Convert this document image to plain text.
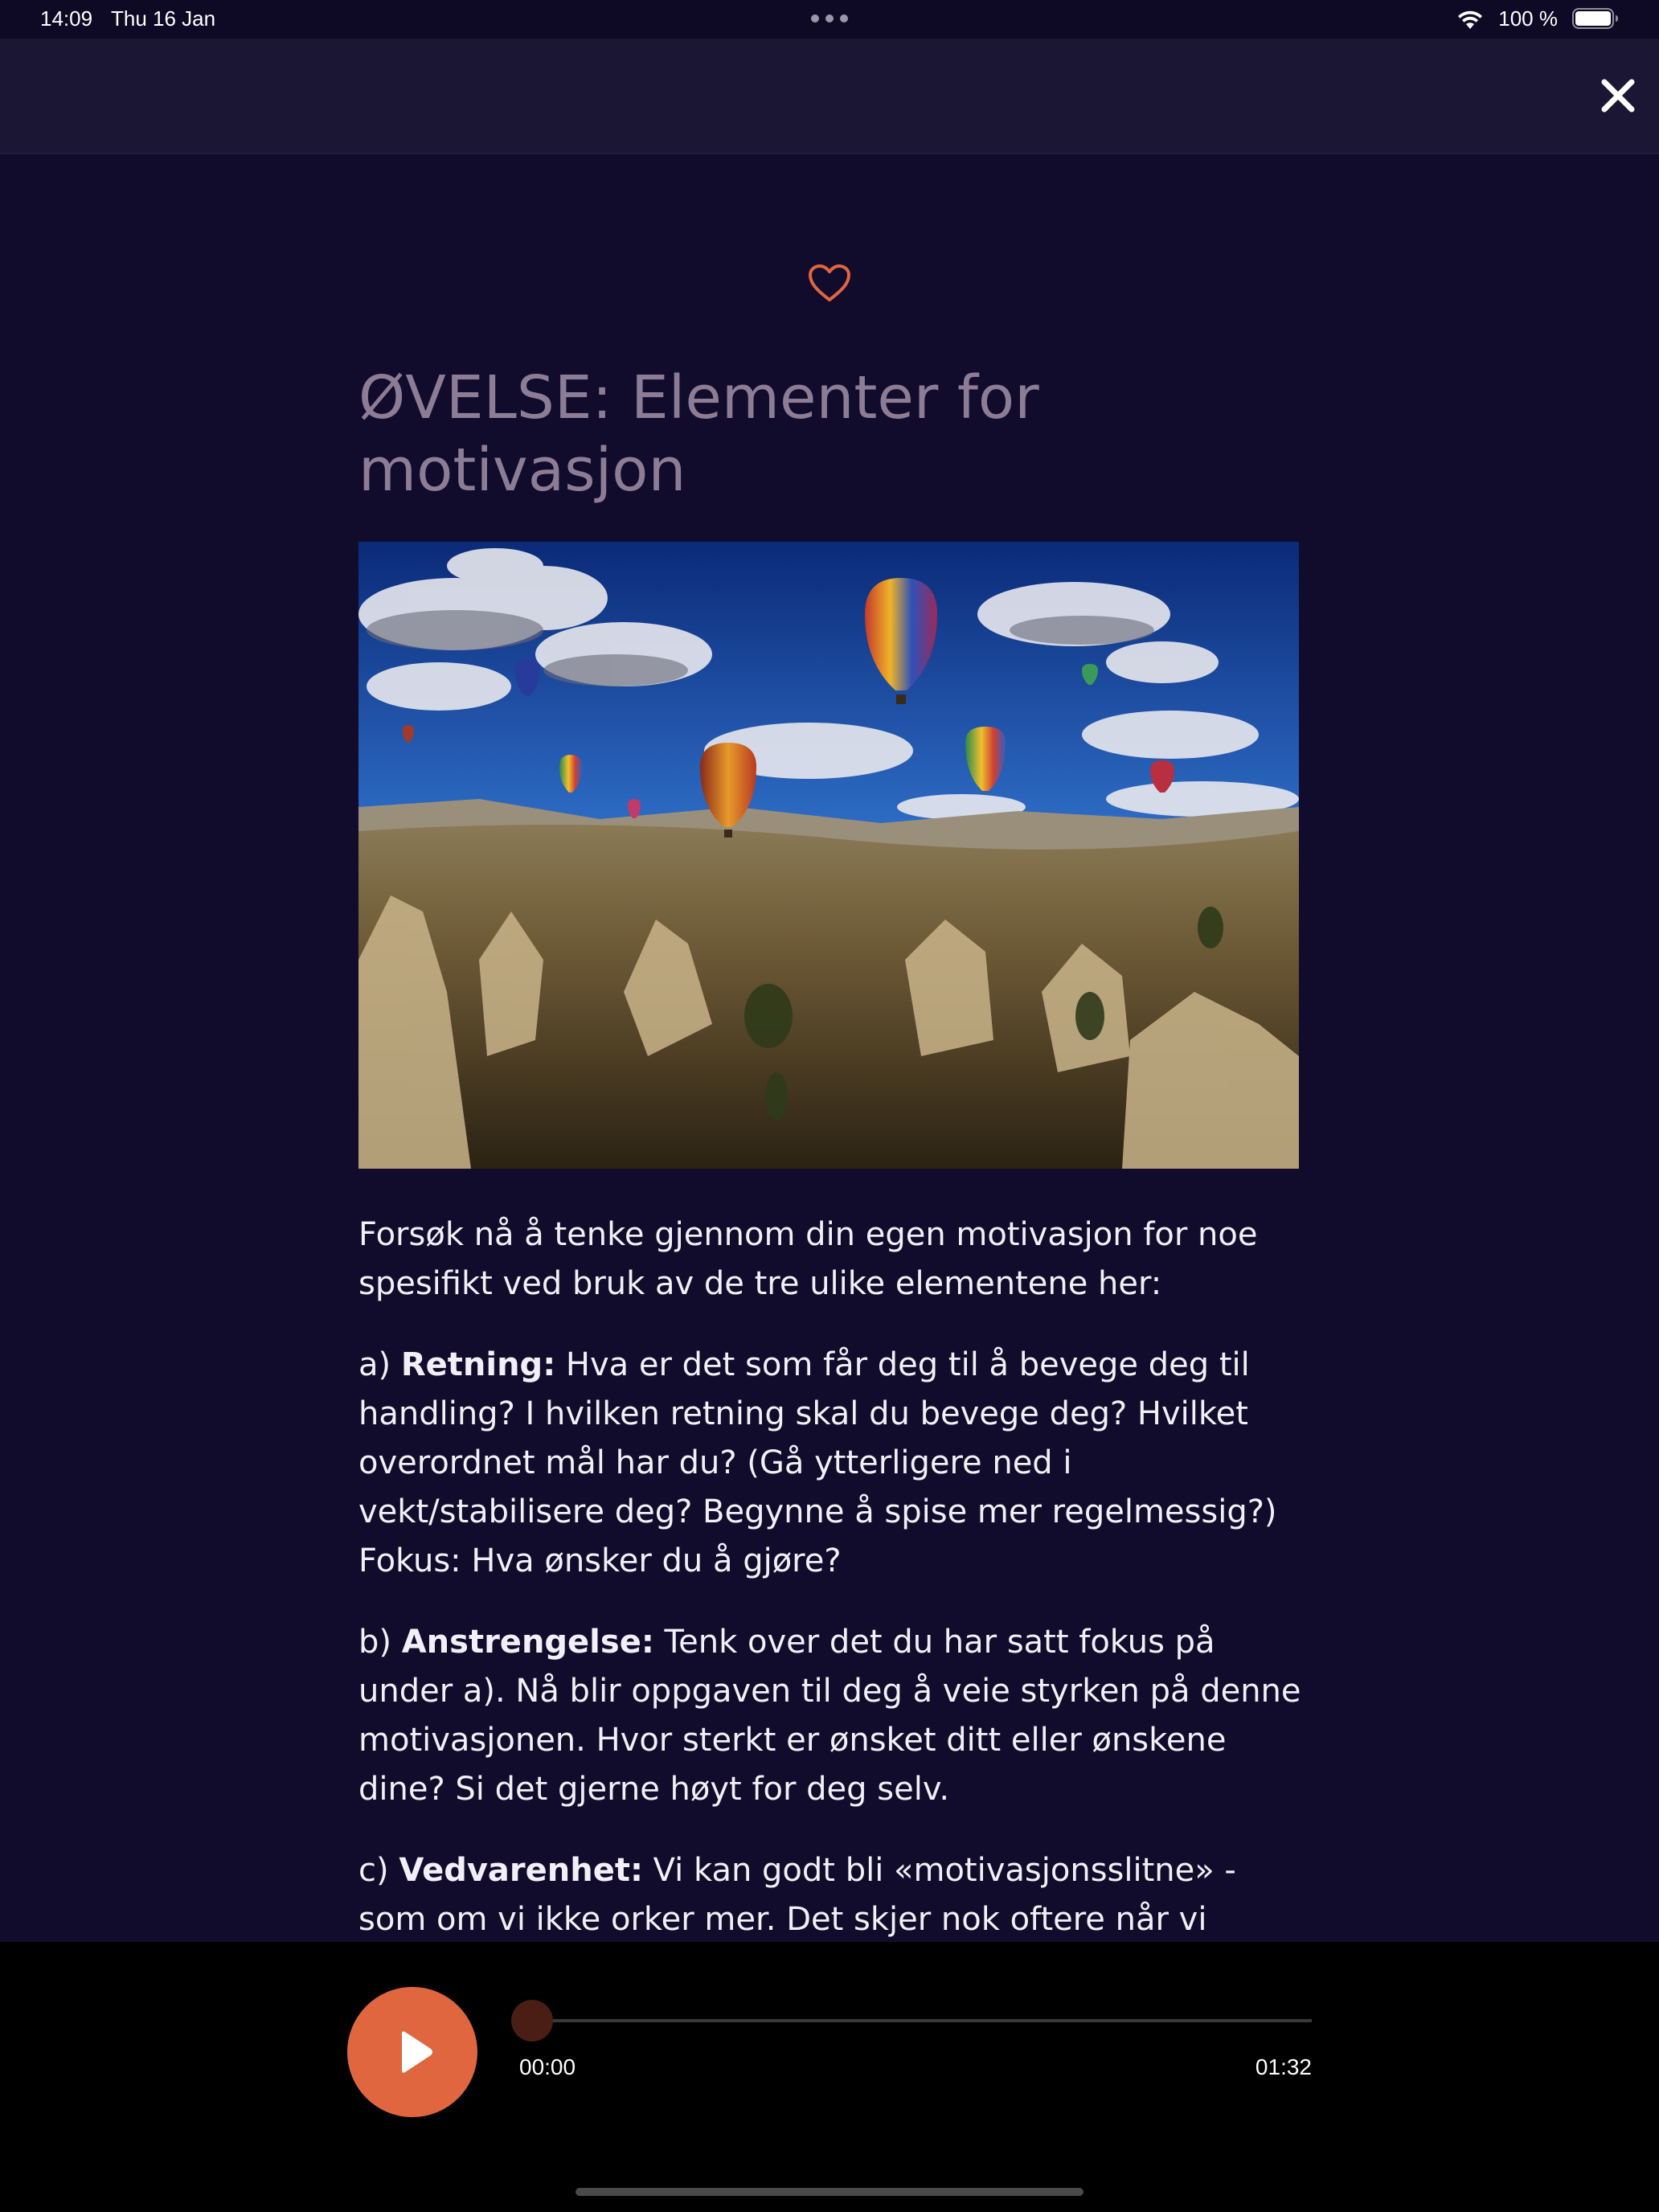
14:09 Thu 16 Jan	100 %
ØVELSE: Elementer for motivasjon

Forsøk nå å tenke gjennom din egen motivasjon for noe spesifikt ved bruk av de tre ulike elementene her:

a) Retning: Hva er det som får deg til å bevege deg til handling? I hvilken retning skal du bevege deg? Hvilket overordnet mål har du? (Gå ytterligere ned i vekt/stabilisere deg? Begynne å spise mer regelmessig?) Fokus: Hva ønsker du å gjøre?

b) Anstrengelse: Tenk over det du har satt fokus på under a). Nå blir oppgaven til deg å veie styrken på denne motivasjonen. Hvor sterkt er ønsket ditt eller ønskene dine? Si det gjerne høyt for deg selv.

c) Vedvarenhet: Vi kan godt bli «motivasjonsslitne» - som om vi ikke orker mer. Det skjer nok oftere når vi

00:00	01:32
